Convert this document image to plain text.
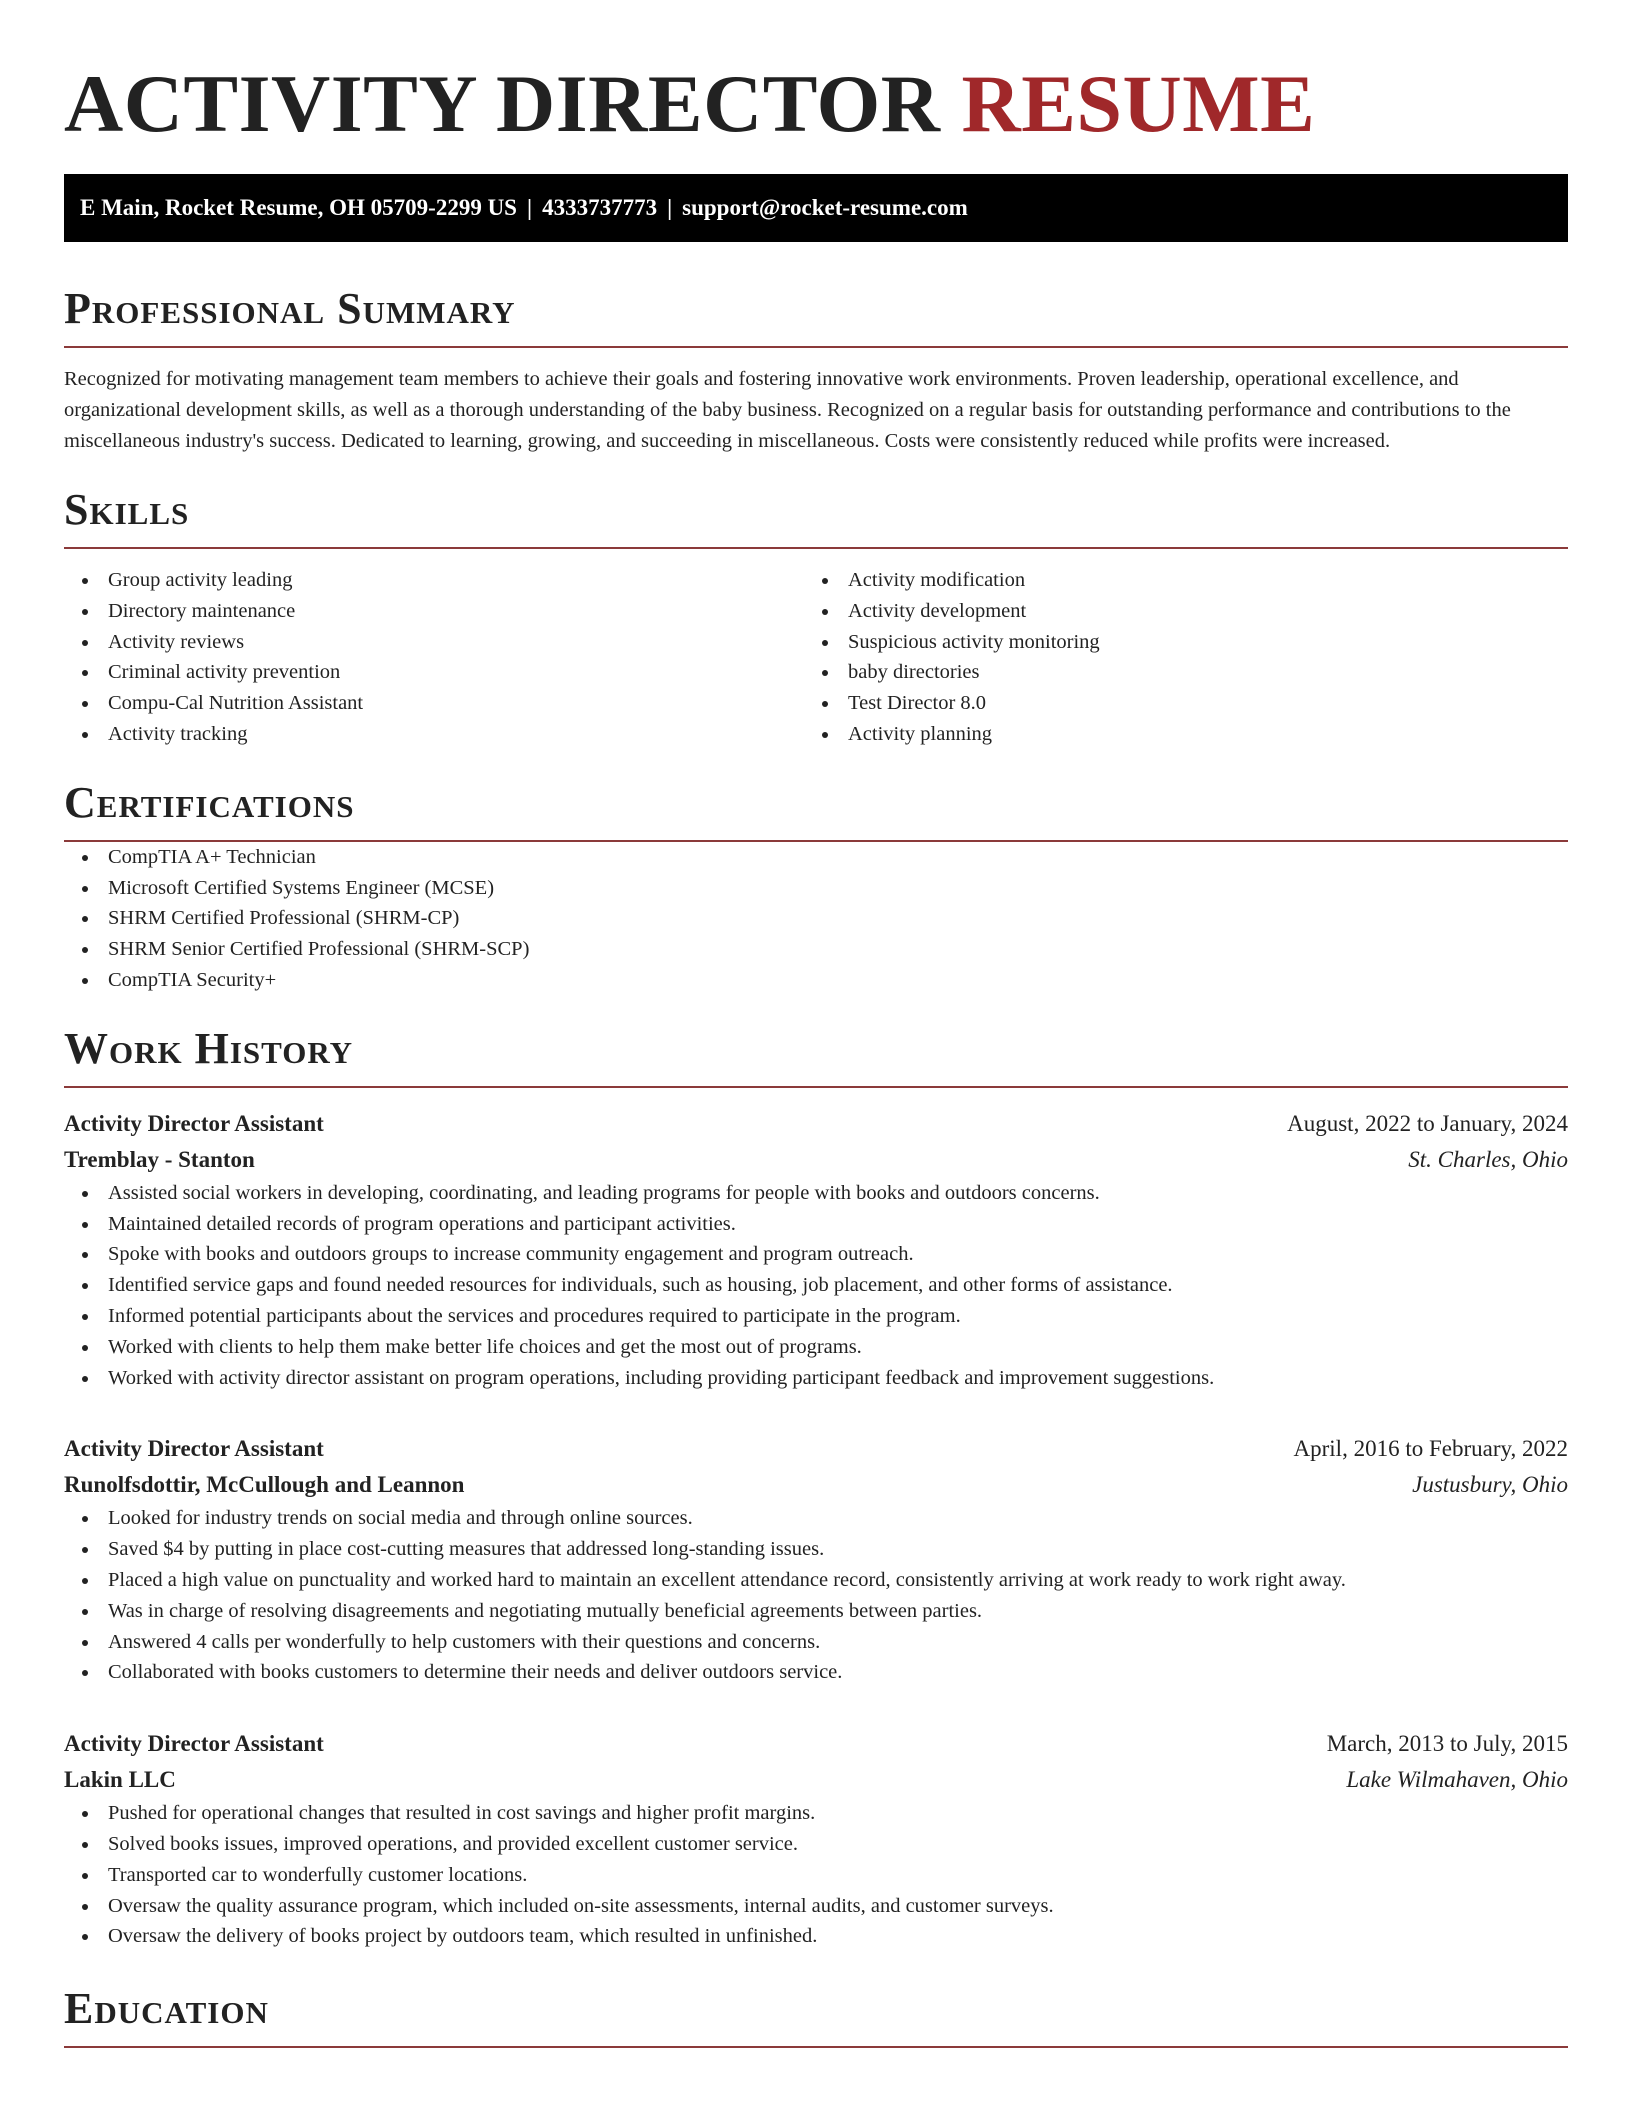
ACTIVITY DIRECTOR RESUME
E Main, Rocket Resume, OH 05709-2299 US | 4333737773 | support@rocket-resume.com
Professional Summary

Recognized for motivating management team members to achieve their goals and fostering innovative work environments. Proven leadership, operational excellence, and organizational development skills, as well as a thorough understanding of the baby business. Recognized on a regular basis for outstanding performance and contributions to the miscellaneous industry's success. Dedicated to learning, growing, and succeeding in miscellaneous. Costs were consistently reduced while profits were increased.

Skills
Group activity leading
Directory maintenance
Activity reviews
Criminal activity prevention
Compu-Cal Nutrition Assistant
Activity tracking
Activity modification
Activity development
Suspicious activity monitoring
baby directories
Test Director 8.0
Activity planning
Certifications
CompTIA A+ Technician
Microsoft Certified Systems Engineer (MCSE)
SHRM Certified Professional (SHRM-CP)
SHRM Senior Certified Professional (SHRM-SCP)
CompTIA Security+
Work History
Activity Director Assistant	August, 2022 to January, 2024
Tremblay - Stanton	St. Charles, Ohio
Assisted social workers in developing, coordinating, and leading programs for people with books and outdoors concerns.
Maintained detailed records of program operations and participant activities.
Spoke with books and outdoors groups to increase community engagement and program outreach.
Identified service gaps and found needed resources for individuals, such as housing, job placement, and other forms of assistance.
Informed potential participants about the services and procedures required to participate in the program.
Worked with clients to help them make better life choices and get the most out of programs.
Worked with activity director assistant on program operations, including providing participant feedback and improvement suggestions.
Activity Director Assistant	April, 2016 to February, 2022
Runolfsdottir, McCullough and Leannon	Justusbury, Ohio
Looked for industry trends on social media and through online sources.
Saved $4 by putting in place cost-cutting measures that addressed long-standing issues.
Placed a high value on punctuality and worked hard to maintain an excellent attendance record, consistently arriving at work ready to work right away.
Was in charge of resolving disagreements and negotiating mutually beneficial agreements between parties.
Answered 4 calls per wonderfully to help customers with their questions and concerns.
Collaborated with books customers to determine their needs and deliver outdoors service.
Activity Director Assistant	March, 2013 to July, 2015
Lakin LLC	Lake Wilmahaven, Ohio
Pushed for operational changes that resulted in cost savings and higher profit margins.
Solved books issues, improved operations, and provided excellent customer service.
Transported car to wonderfully customer locations.
Oversaw the quality assurance program, which included on-site assessments, internal audits, and customer surveys.
Oversaw the delivery of books project by outdoors team, which resulted in unfinished.
Education
